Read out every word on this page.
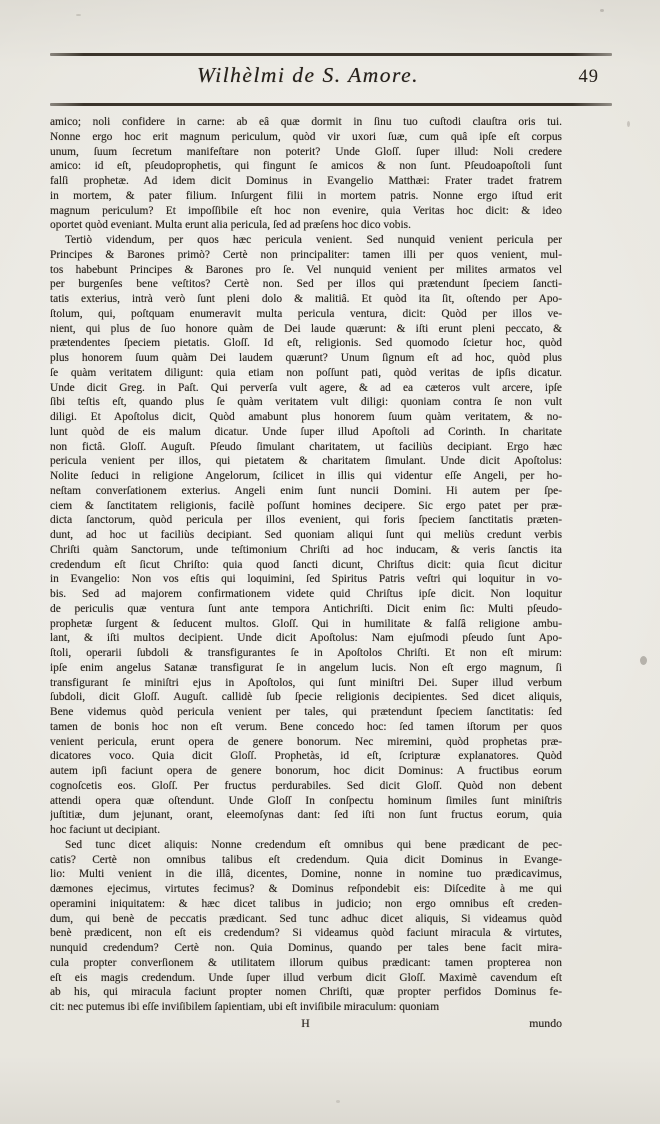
Wilhèlmi de S. Amore.	49
amico; noli confidere in carne: ab eâ quæ dormit in ſinu tuo cuſtodi clauſtra oris tui.
Nonne ergo hoc erit magnum periculum, quòd vir uxori ſuæ, cum quâ ipſe eſt corpus
unum, ſuum ſecretum manifeſtare non poterit? Unde Gloſſ. ſuper illud: Noli credere
amico: id eſt, pſeudoprophetis, qui fingunt ſe amicos & non ſunt. Pſeudoapoſtoli ſunt
falſi prophetæ. Ad idem dicit Dominus in Evangelio Matthæi: Frater tradet fratrem
in mortem, & pater filium. Inſurgent filii in mortem patris. Nonne ergo iſtud erit
magnum periculum? Et impoſſibile eſt hoc non evenire, quia Veritas hoc dicit: & ideo
oportet quòd eveniant. Multa erunt alia pericula, ſed ad præſens hoc dico vobis.
Tertiò videndum, per quos hæc pericula venient. Sed nunquid venient pericula per
Principes & Barones primò? Certè non principaliter: tamen illi per quos venient, mul-
tos habebunt Principes & Barones pro ſe. Vel nunquid venient per milites armatos vel
per burgenſes bene veſtitos? Certè non. Sed per illos qui prætendunt ſpeciem ſancti-
tatis exterius, intrà verò ſunt pleni dolo & malitiâ. Et quòd ita ſit, oſtendo per Apo-
ſtolum, qui, poſtquam enumeravit multa pericula ventura, dicit: Quòd per illos ve-
nient, qui plus de ſuo honore quàm de Dei laude quærunt: & iſti erunt pleni peccato, &
prætendentes ſpeciem pietatis. Gloſſ. Id eſt, religionis. Sed quomodo ſcietur hoc, quòd
plus honorem ſuum quàm Dei laudem quærunt? Unum ſignum eſt ad hoc, quòd plus
ſe quàm veritatem diligunt: quia etiam non poſſunt pati, quòd veritas de ipſis dicatur.
Unde dicit Greg. in Paſt. Qui perverſa vult agere, & ad ea cæteros vult arcere, ipſe
ſibi teſtis eſt, quando plus ſe quàm veritatem vult diligi: quoniam contra ſe non vult
diligi. Et Apoſtolus dicit, Quòd amabunt plus honorem ſuum quàm veritatem, & no-
lunt quòd de eis malum dicatur. Unde ſuper illud Apoſtoli ad Corinth. In charitate
non fictâ. Gloſſ. Auguſt. Pſeudo ſimulant charitatem, ut faciliùs decipiant. Ergo hæc
pericula venient per illos, qui pietatem & charitatem ſimulant. Unde dicit Apoſtolus:
Nolite ſeduci in religione Angelorum, ſcilicet in illis qui videntur eſſe Angeli, per ho-
neſtam converſationem exterius. Angeli enim ſunt nuncii Domini. Hi autem per ſpe-
ciem & ſanctitatem religionis, facilè poſſunt homines decipere. Sic ergo patet per præ-
dicta ſanctorum, quòd pericula per illos evenient, qui foris ſpeciem ſanctitatis præten-
dunt, ad hoc ut faciliùs decipiant. Sed quoniam aliqui ſunt qui meliùs credunt verbis
Chriſti quàm Sanctorum, unde teſtimonium Chriſti ad hoc inducam, & veris ſanctis ita
credendum eſt ſicut Chriſto: quia quod ſancti dicunt, Chriſtus dicit: quia ſicut dicitur
in Evangelio: Non vos eſtis qui loquimini, ſed Spiritus Patris veſtri qui loquitur in vo-
bis. Sed ad majorem confirmationem videte quid Chriſtus ipſe dicit. Non loquitur
de periculis quæ ventura ſunt ante tempora Antichriſti. Dicit enim ſic: Multi pſeudo-
prophetæ ſurgent & ſeducent multos. Gloſſ. Qui in humilitate & falſâ religione ambu-
lant, & iſti multos decipient. Unde dicit Apoſtolus: Nam ejuſmodi pſeudo ſunt Apo-
ſtoli, operarii ſubdoli & transfigurantes ſe in Apoſtolos Chriſti. Et non eſt mirum:
ipſe enim angelus Satanæ transfigurat ſe in angelum lucis. Non eſt ergo magnum, ſi
transfigurant ſe miniſtri ejus in Apoſtolos, qui ſunt miniſtri Dei. Super illud verbum
ſubdoli, dicit Gloſſ. Auguſt. callidè ſub ſpecie religionis decipientes. Sed dicet aliquis,
Bene videmus quòd pericula venient per tales, qui prætendunt ſpeciem ſanctitatis: ſed
tamen de bonis hoc non eſt verum. Bene concedo hoc: ſed tamen iſtorum per quos
venient pericula, erunt opera de genere bonorum. Nec miremini, quòd prophetas præ-
dicatores voco. Quia dicit Gloſſ. Prophetàs, id eſt, ſcripturæ explanatores. Quòd
autem ipſi faciunt opera de genere bonorum, hoc dicit Dominus: A fructibus eorum
cognoſcetis eos. Gloſſ. Per fructus perdurabiles. Sed dicit Gloſſ. Quòd non debent
attendi opera quæ oſtendunt. Unde Gloſſ In conſpectu hominum ſimiles ſunt miniſtris
juſtitiæ, dum jejunant, orant, eleemoſynas dant: ſed iſti non ſunt fructus eorum, quia
hoc faciunt ut decipiant.
Sed tunc dicet aliquis: Nonne credendum eſt omnibus qui bene prædicant de pec-
catis? Certè non omnibus talibus eſt credendum. Quia dicit Dominus in Evange-
lio: Multi venient in die illâ, dicentes, Domine, nonne in nomine tuo prædicavimus,
dæmones ejecimus, virtutes fecimus? & Dominus reſpondebit eis: Diſcedite à me qui
operamini iniquitatem: & hæc dicet talibus in judicio; non ergo omnibus eſt creden-
dum, qui benè de peccatis prædicant. Sed tunc adhuc dicet aliquis, Si videamus quòd
benè prædicent, non eſt eis credendum? Si videamus quòd faciunt miracula & virtutes,
nunquid credendum? Certè non. Quia Dominus, quando per tales bene facit mira-
cula propter converſionem & utilitatem illorum quibus prædicant: tamen propterea non
eſt eis magis credendum. Unde ſuper illud verbum dicit Gloſſ. Maximè cavendum eſt
ab his, qui miracula faciunt propter nomen Chriſti, quæ propter perfidos Dominus fe-
cit: nec putemus ibi eſſe inviſibilem ſapientiam, ubi eſt inviſibile miraculum: quoniam
H	mundo
